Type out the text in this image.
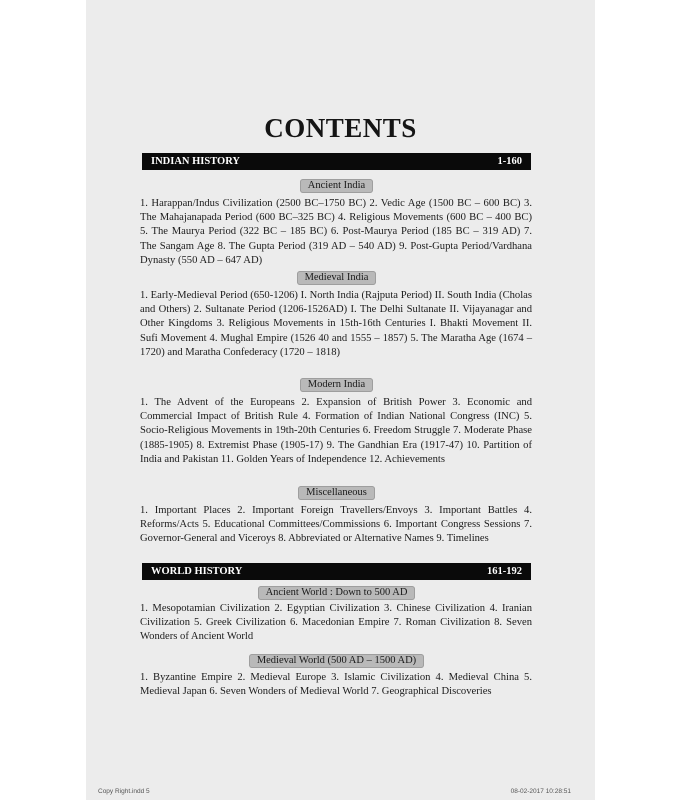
CONTENTS
INDIAN HISTORY	1-160
Ancient India

1. Harappan/Indus Civilization (2500 BC–1750 BC) 2. Vedic Age (1500 BC – 600 BC) 3. The Mahajanapada Period (600 BC–325 BC) 4. Religious Movements (600 BC – 400 BC) 5. The Maurya Period (322 BC – 185 BC) 6. Post-Maurya Period (185 BC – 319 AD) 7. The Sangam Age 8. The Gupta Period (319 AD – 540 AD) 9. Post-Gupta Period/Vardhana Dynasty (550 AD – 647 AD)

Medieval India

1. Early-Medieval Period (650-1206) I. North India (Rajputa Period) II. South India (Cholas and Others) 2. Sultanate Period (1206-1526AD) I. The Delhi Sultanate II. Vijayanagar and Other Kingdoms 3. Religious Movements in 15th-16th Centuries I. Bhakti Movement II. Sufi Movement 4. Mughal Empire (1526 40 and 1555 – 1857) 5. The Maratha Age (1674 –1720) and Maratha Confederacy (1720 – 1818)

Modern India

1. The Advent of the Europeans 2. Expansion of British Power 3. Economic and Commercial Impact of British Rule 4. Formation of Indian National Congress (INC) 5. Socio-Religious Movements in 19th-20th Centuries 6. Freedom Struggle 7. Moderate Phase (1885-1905) 8. Extremist Phase (1905-17) 9. The Gandhian Era (1917-47) 10. Partition of India and Pakistan 11. Golden Years of Independence 12. Achievements

Miscellaneous

1. Important Places 2. Important Foreign Travellers/Envoys 3. Important Battles 4. Reforms/Acts 5. Educational Committees/Commissions 6. Important Congress Sessions 7. Governor-General and Viceroys 8. Abbreviated or Alternative Names 9. Timelines

WORLD HISTORY	161-192
Ancient World : Down to 500 AD

1. Mesopotamian Civilization 2. Egyptian Civilization 3. Chinese Civilization 4. Iranian Civilization 5. Greek Civilization 6. Macedonian Empire 7. Roman Civilization 8. Seven Wonders of Ancient World

Medieval World (500 AD – 1500 AD)

1. Byzantine Empire 2. Medieval Europe 3. Islamic Civilization 4. Medieval China 5. Medieval Japan 6. Seven Wonders of Medieval World 7. Geographical Discoveries

Copy Right.indd 5	08-02-2017 10:28:51
